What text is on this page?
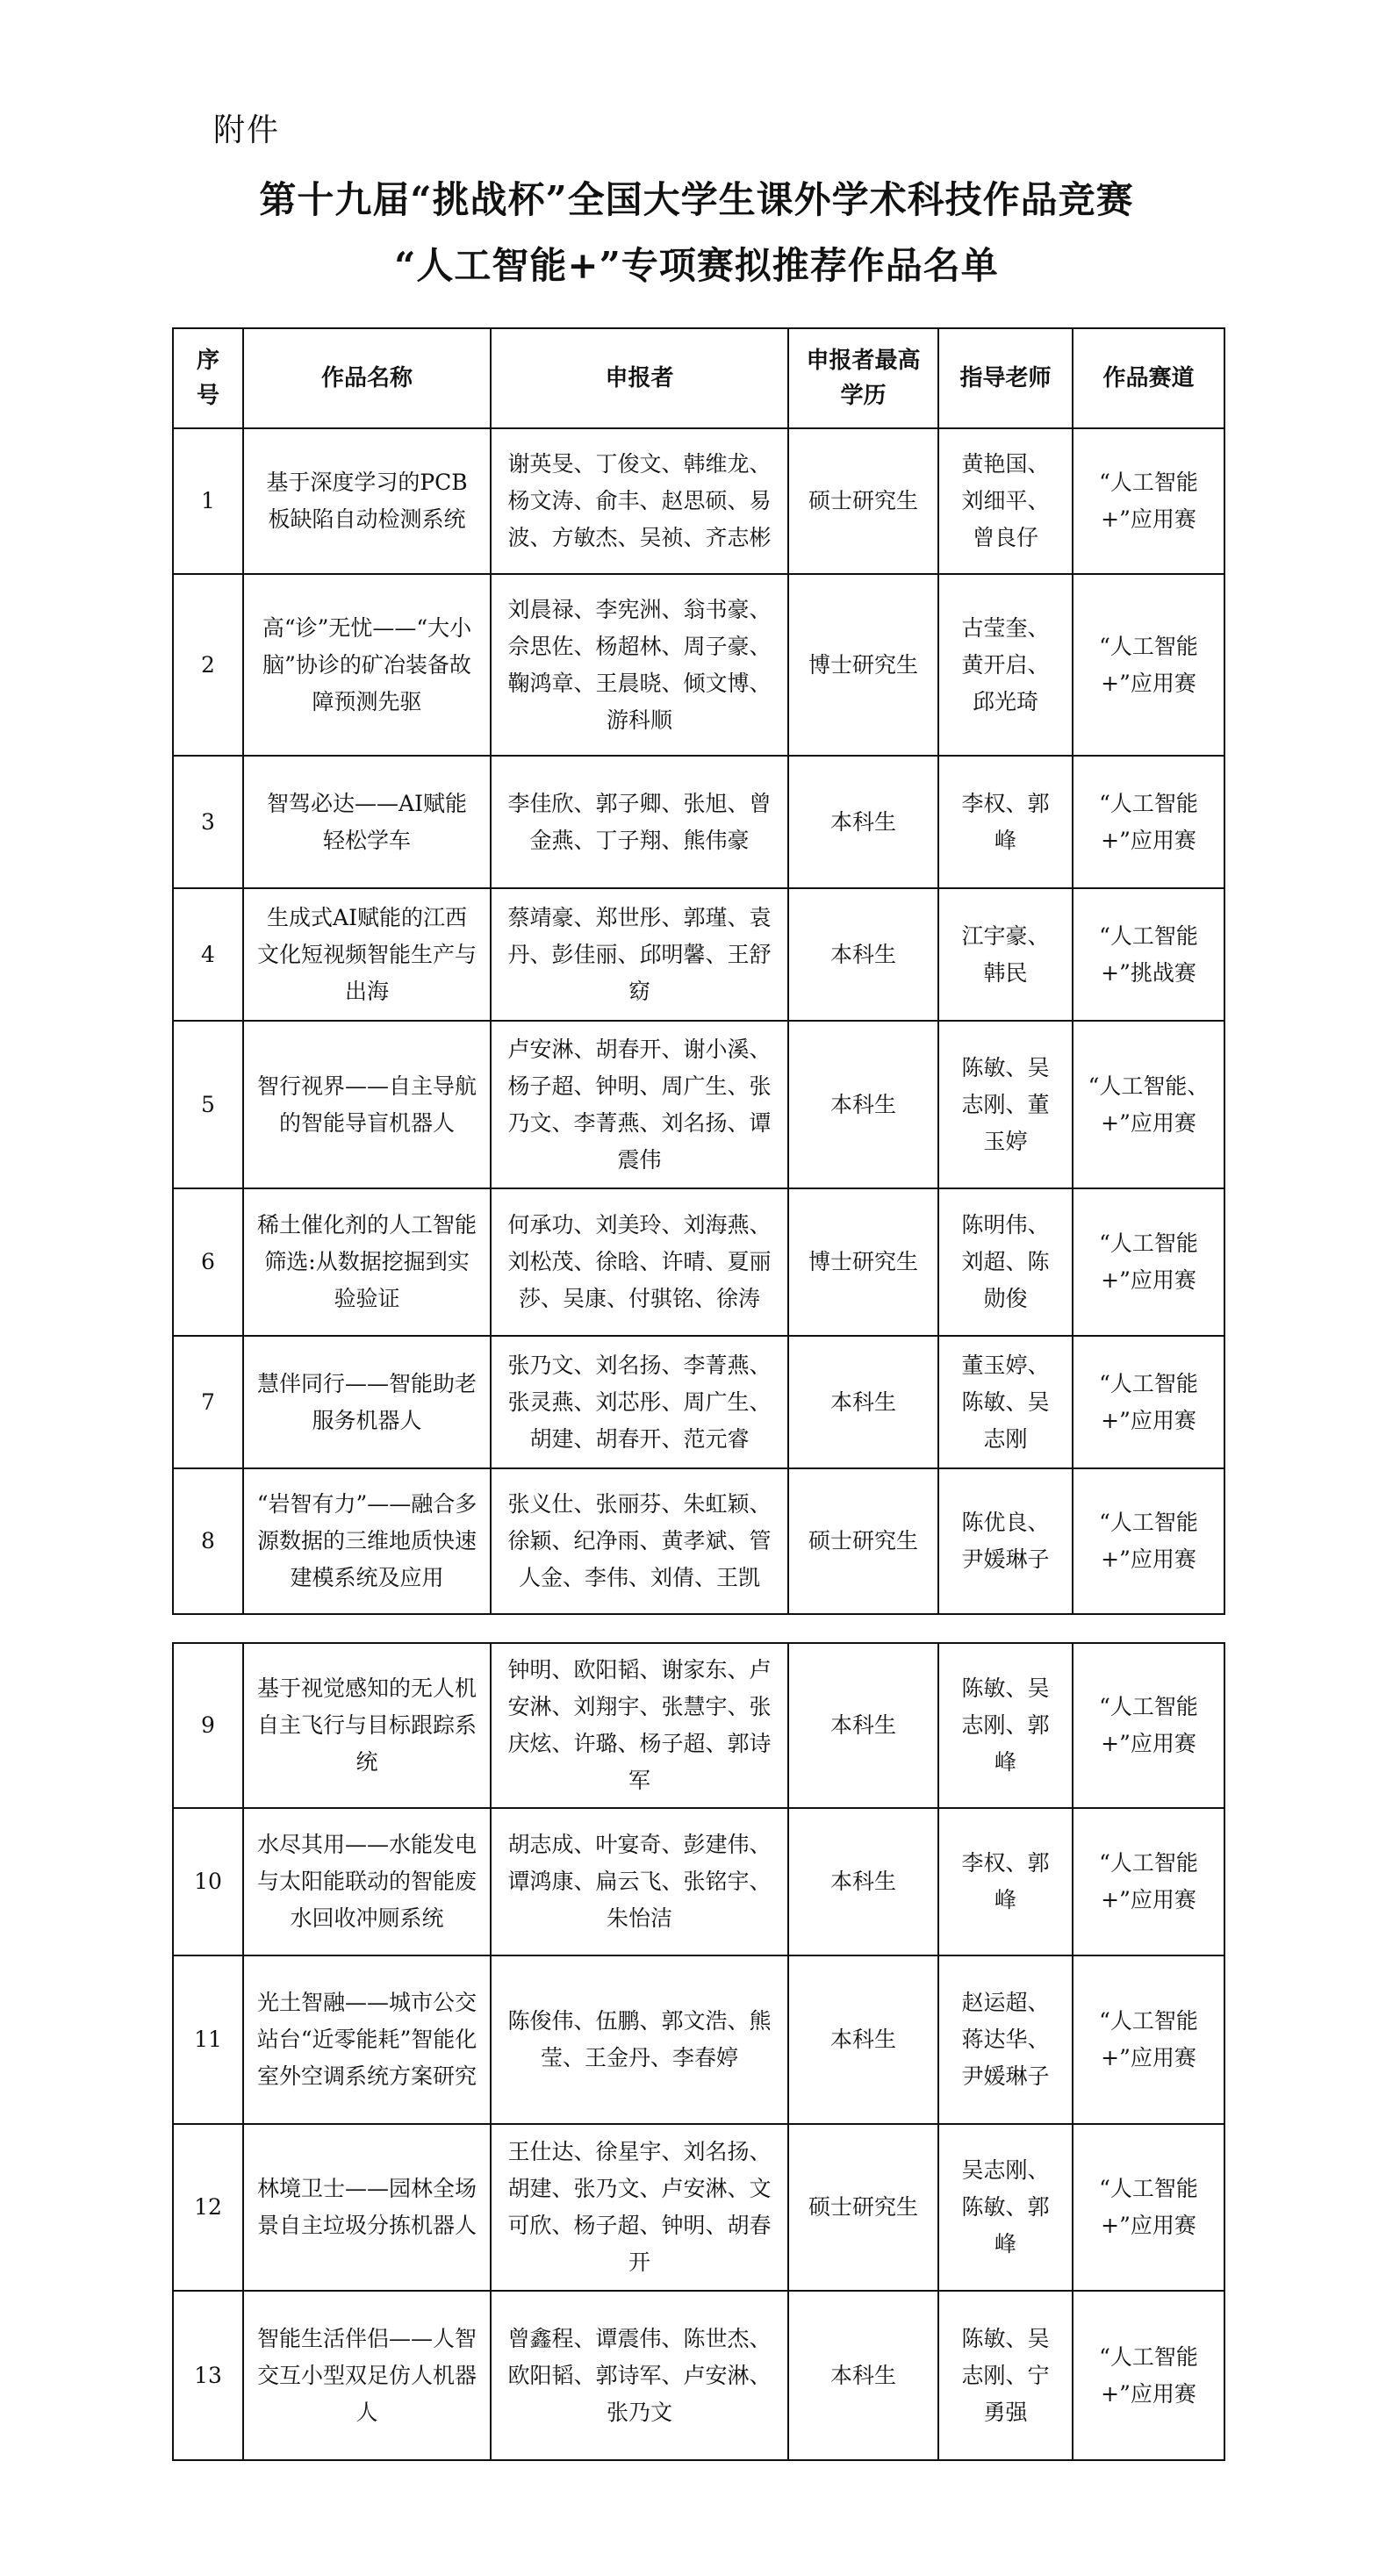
附件
第十九届“挑战杯”全国大学生课外学术科技作品竞赛
“人工智能+”专项赛拟推荐作品名单
序号	作品名称	申报者	申报者最高学历	指导老师	作品赛道
1	基于深度学习的PCB板缺陷自动检测系统	谢英旻、丁俊文、韩维龙、杨文涛、俞丰、赵思硕、易波、方敏杰、吴祯、齐志彬	硕士研究生	黄艳国、刘细平、曾良仔	“人工智能+”应用赛
2	高“诊”无忧——“大小脑”协诊的矿冶装备故障预测先驱	刘晨禄、李宪洲、翁书豪、佘思佐、杨超林、周子豪、鞠鸿章、王晨晓、倾文博、游科顺	博士研究生	古莹奎、黄开启、邱光琦	“人工智能+”应用赛
3	智驾必达——AI赋能轻松学车	李佳欣、郭子卿、张旭、曾金燕、丁子翔、熊伟豪	本科生	李权、郭峰	“人工智能+”应用赛
4	生成式AI赋能的江西文化短视频智能生产与出海	蔡靖豪、郑世彤、郭瑾、袁丹、彭佳丽、邱明馨、王舒窈	本科生	江宇豪、韩民	“人工智能+”挑战赛
5	智行视界——自主导航的智能导盲机器人	卢安淋、胡春开、谢小溪、杨子超、钟明、周广生、张乃文、李菁燕、刘名扬、谭震伟	本科生	陈敏、吴志刚、董玉婷	“人工智能、+”应用赛
6	稀土催化剂的人工智能筛选:从数据挖掘到实验验证	何承功、刘美玲、刘海燕、刘松茂、徐晗、许晴、夏丽莎、吴康、付骐铭、徐涛	博士研究生	陈明伟、刘超、陈勋俊	“人工智能+”应用赛
7	慧伴同行——智能助老服务机器人	张乃文、刘名扬、李菁燕、张灵燕、刘芯彤、周广生、胡建、胡春开、范元睿	本科生	董玉婷、陈敏、吴志刚	“人工智能+”应用赛
8	“岩智有力”——融合多源数据的三维地质快速建模系统及应用	张义仕、张丽芬、朱虹颖、徐颖、纪净雨、黄孝斌、管人金、李伟、刘倩、王凯	硕士研究生	陈优良、尹媛琳子	“人工智能+”应用赛
9	基于视觉感知的无人机自主飞行与目标跟踪系统	钟明、欧阳韬、谢家东、卢安淋、刘翔宇、张慧宇、张庆炫、许璐、杨子超、郭诗军	本科生	陈敏、吴志刚、郭峰	“人工智能+”应用赛
10	水尽其用——水能发电与太阳能联动的智能废水回收冲厕系统	胡志成、叶宴奇、彭建伟、谭鸿康、扁云飞、张铭宇、朱怡洁	本科生	李权、郭峰	“人工智能+”应用赛
11	光土智融——城市公交站台“近零能耗”智能化室外空调系统方案研究	陈俊伟、伍鹏、郭文浩、熊莹、王金丹、李春婷	本科生	赵运超、蒋达华、尹媛琳子	“人工智能+”应用赛
12	林境卫士——园林全场景自主垃圾分拣机器人	王仕达、徐星宇、刘名扬、胡建、张乃文、卢安淋、文可欣、杨子超、钟明、胡春开	硕士研究生	吴志刚、陈敏、郭峰	“人工智能+”应用赛
13	智能生活伴侣——人智交互小型双足仿人机器人	曾鑫程、谭震伟、陈世杰、欧阳韬、郭诗军、卢安淋、张乃文	本科生	陈敏、吴志刚、宁勇强	“人工智能+”应用赛
